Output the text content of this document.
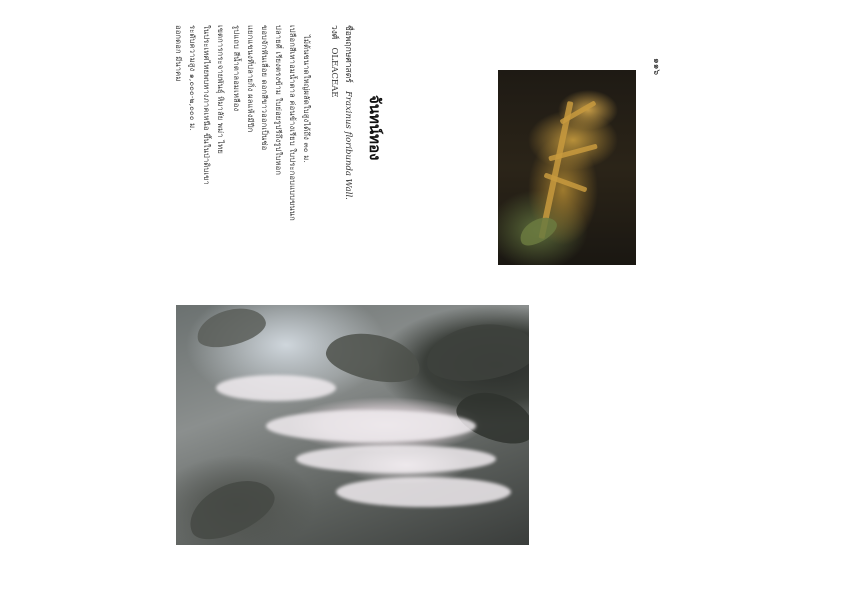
จันทน์ทอง
ชื่อพฤกษศาสตร์   Fraxinus floribunda Wall.
วงศ์   OLEACEAE
ไม้ต้นขนาดใหญ่ผลัดใบสูงได้ถึง ๓๐ ม.
เปลือกสีเทาอมน้ำตาล ค่อนข้างเรียบ ใบประกอบแบบขนนก
ปลายคี่ เรียงตรงข้าม ใบย่อยรูปรีถึงรูปใบหอก
ขอบจักฟันเลื่อย ดอกสีขาวออกเป็นช่อ
แยกแขนงที่ปลายกิ่ง ผลแห้งมีปีก
รูปแถบ สีน้ำตาลอมเหลือง
เขตการกระจายพันธุ์ หิมาลัย พม่า ไทย
ในประเทศไทยพบทางภาคเหนือ ขึ้นในป่าดิบเขา
ระดับความสูง ๑,๐๐๐-๒,๐๐๐ ม.
ออกดอก มีนาคม	๑๑๖
